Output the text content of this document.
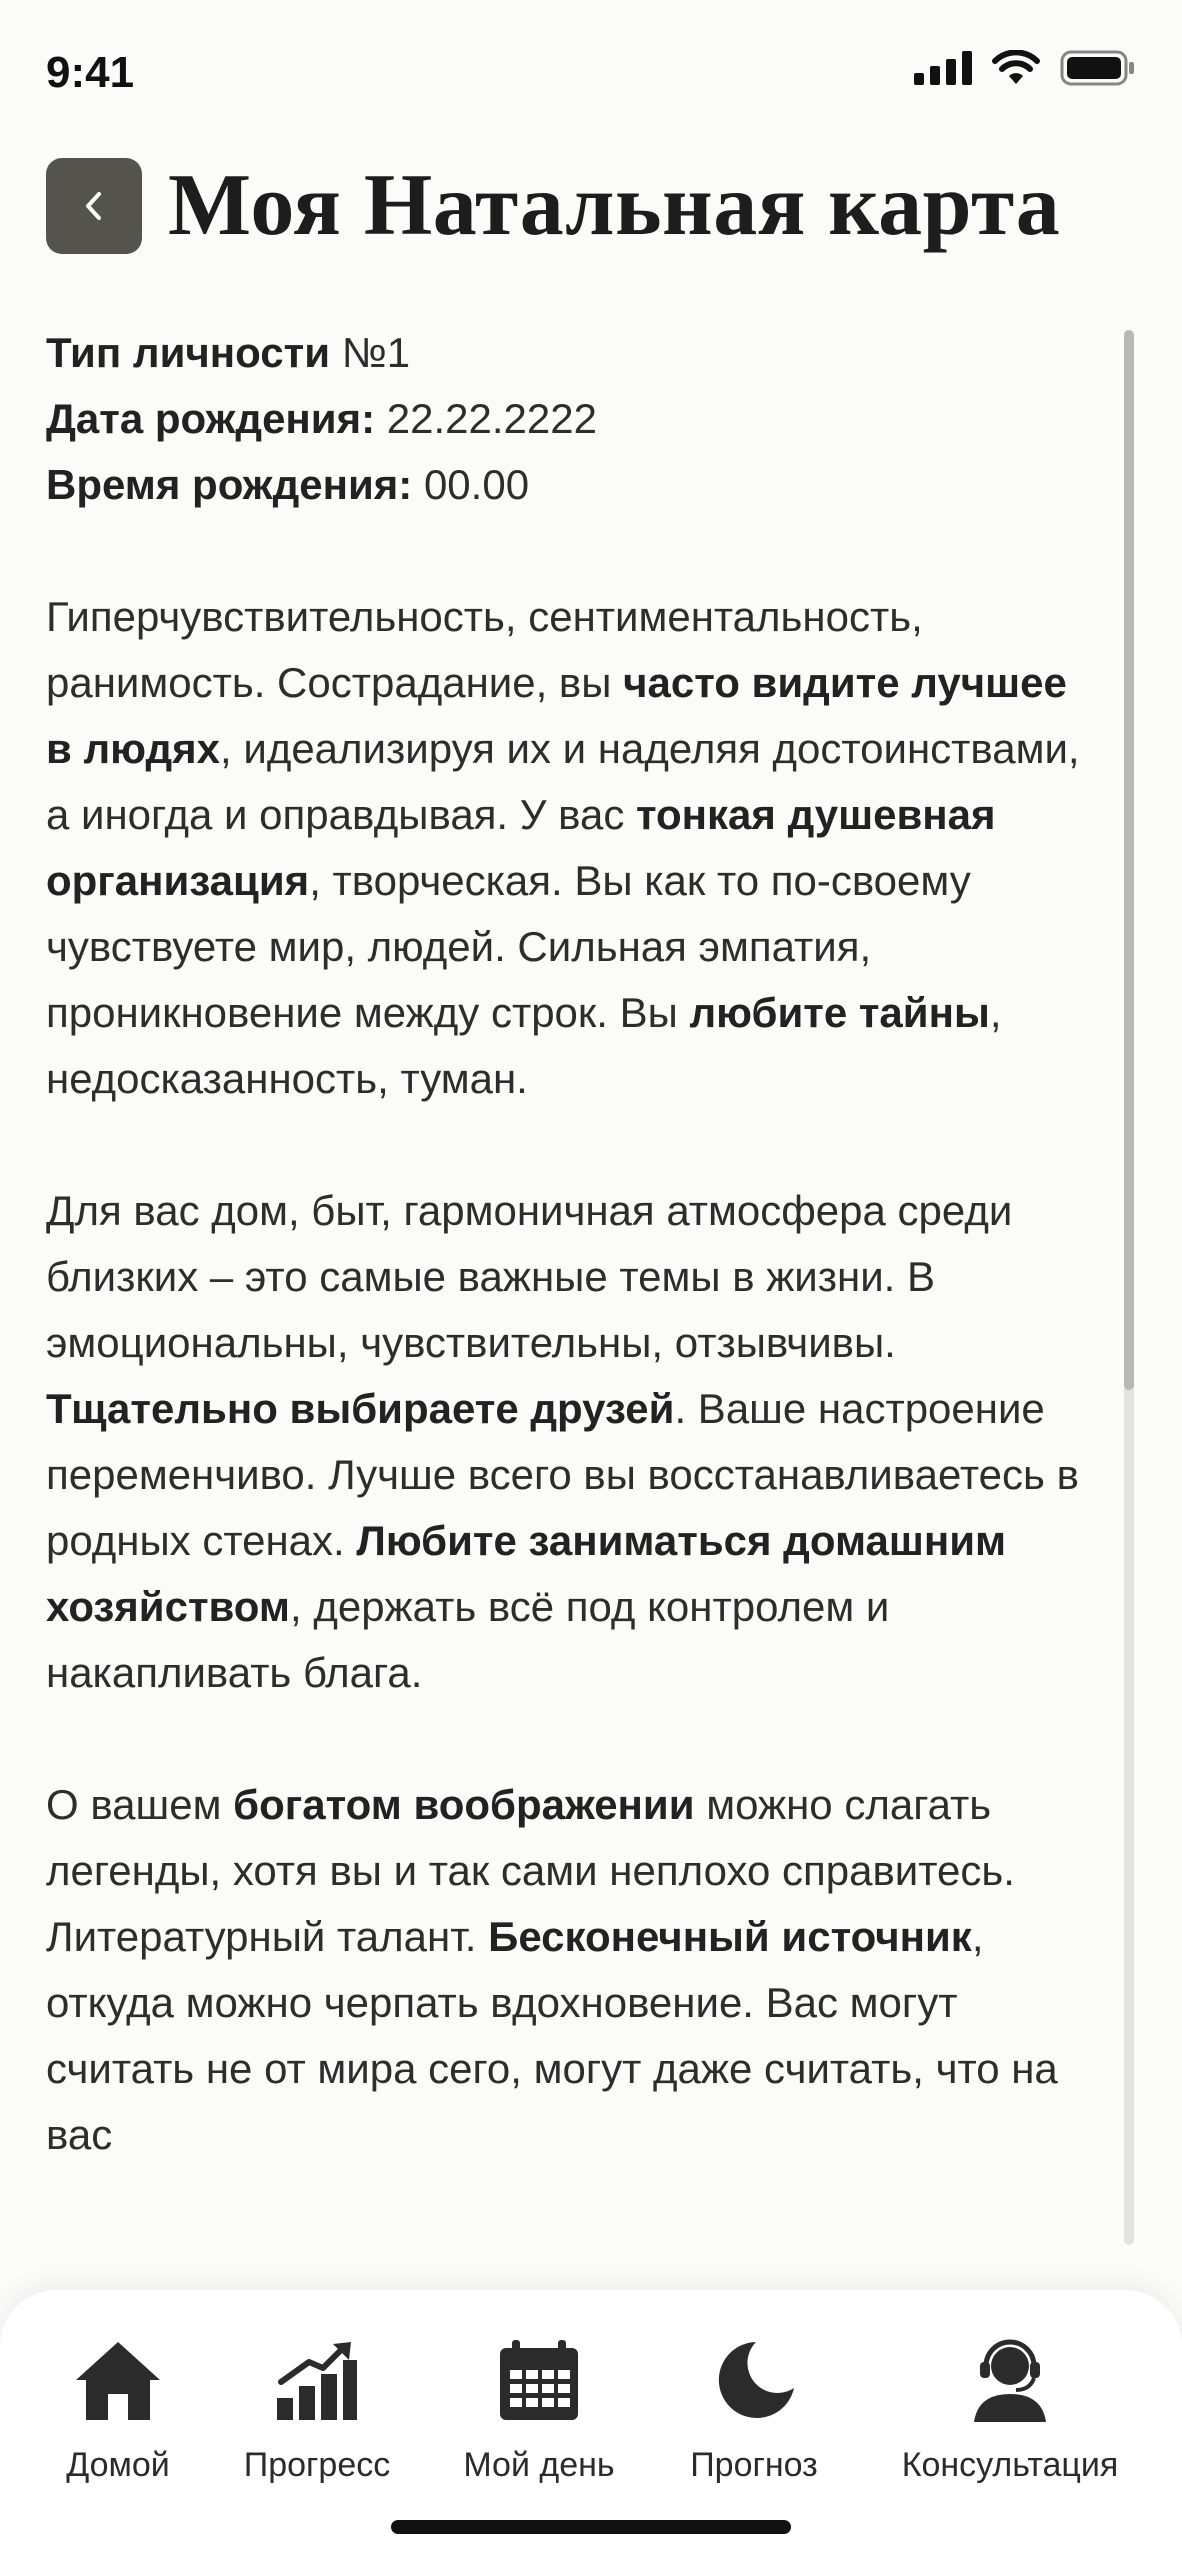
9:41
Моя Натальная карта

Тип личности №1

Дата рождения: 22.22.2222

Время рождения: 00.00

Гиперчувствительность, сентиментальность, ранимость. Сострадание, вы часто видите лучшее в людях, идеализируя их и наделяя достоинствами, а иногда и оправдывая. У вас тонкая душевная организация, творческая. Вы как то по-своему чувствуете мир, людей. Сильная эмпатия, проникновение между строк. Вы любите тайны, недосказанность, туман.

Для вас дом, быт, гармоничная атмосфера среди близких – это самые важные темы в жизни. В эмоциональны, чувствительны, отзывчивы. Тщательно выбираете друзей. Ваше настроение переменчиво. Лучше всего вы восстанавливаетесь в родных стенах. Любите заниматься домашним хозяйством, держать всё под контролем и накапливать блага.

О вашем богатом воображении можно слагать легенды, хотя вы и так сами неплохо справитесь. Литературный талант. Бесконечный источник, откуда можно черпать вдохновение. Вас могут считать не от мира сего, могут даже считать, что на вас

Домой Прогресс Мой день Прогноз Консультация
